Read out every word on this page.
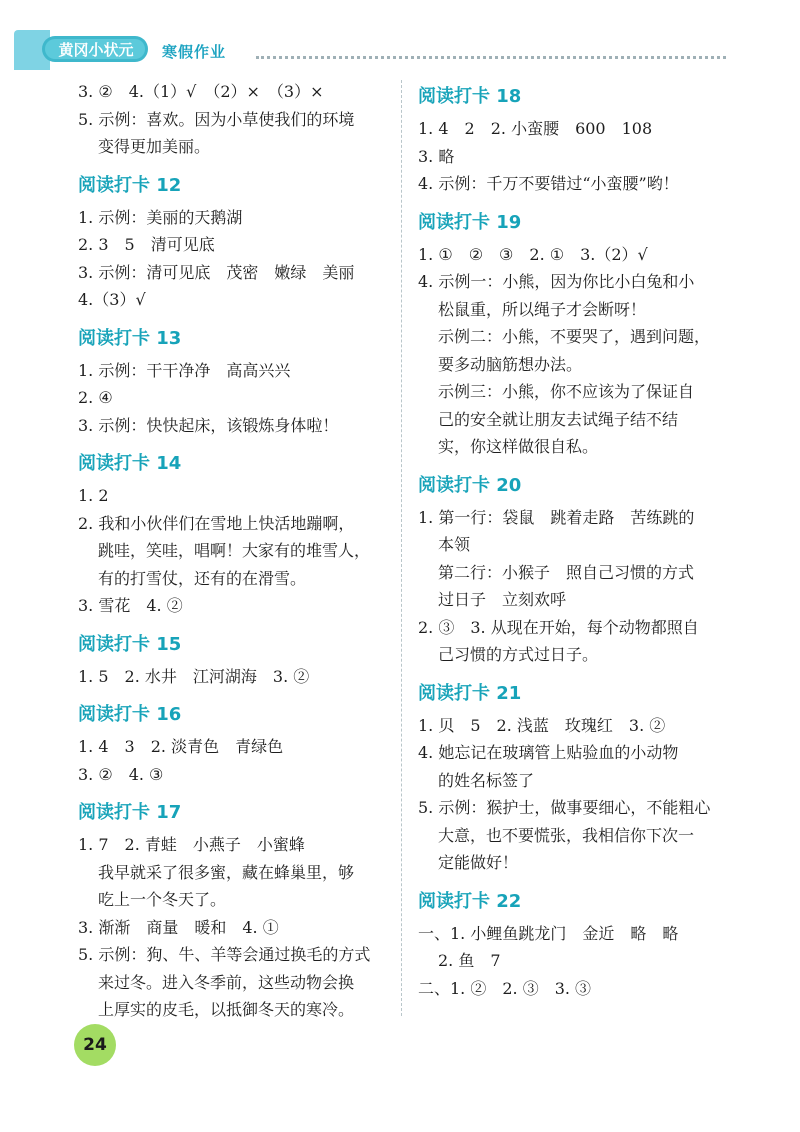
黄冈小状元 寒假作业
3. ②　4.（1）√　（2）×　（3）×
5. 示例：喜欢。因为小草使我们的环境
变得更加美丽。
阅读打卡 12
1. 示例：美丽的天鹅湖
2. 3　5　清可见底
3. 示例：清可见底　茂密　嫩绿　美丽
4.（3）√
阅读打卡 13
1. 示例：干干净净　高高兴兴
2. ④
3. 示例：快快起床，该锻炼身体啦！
阅读打卡 14
1. 2
2. 我和小伙伴们在雪地上快活地蹦啊，
跳哇，笑哇，唱啊！大家有的堆雪人，
有的打雪仗，还有的在滑雪。
3. 雪花　4. ②
阅读打卡 15
1. 5　2. 水井　江河湖海　3. ②
阅读打卡 16
1. 4　3　2. 淡青色　青绿色
3. ②　4. ③
阅读打卡 17
1. 7　2. 青蛙　小燕子　小蜜蜂
我早就采了很多蜜，藏在蜂巢里，够
吃上一个冬天了。
3. 渐渐　商量　暖和　4. ①
5. 示例：狗、牛、羊等会通过换毛的方式
来过冬。进入冬季前，这些动物会换
上厚实的皮毛，以抵御冬天的寒冷。
阅读打卡 18
1. 4　2　2. 小蛮腰　600　108
3. 略
4. 示例：千万不要错过“小蛮腰”哟！
阅读打卡 19
1. ①　②　③　2. ①　3.（2）√
4. 示例一：小熊，因为你比小白兔和小
松鼠重，所以绳子才会断呀！
示例二：小熊，不要哭了，遇到问题，
要多动脑筋想办法。
示例三：小熊，你不应该为了保证自
己的安全就让朋友去试绳子结不结
实，你这样做很自私。
阅读打卡 20
1. 第一行：袋鼠　跳着走路　苦练跳的
本领
第二行：小猴子　照自己习惯的方式
过日子　立刻欢呼
2. ③　3. 从现在开始，每个动物都照自
己习惯的方式过日子。
阅读打卡 21
1. 贝　5　2. 浅蓝　玫瑰红　3. ②
4. 她忘记在玻璃管上贴验血的小动物
的姓名标签了
5. 示例：猴护士，做事要细心，不能粗心
大意，也不要慌张，我相信你下次一
定能做好！
阅读打卡 22
一、1. 小鲤鱼跳龙门　金近　略　略
2. 鱼　7
二、1. ②　2. ③　3. ③
24
